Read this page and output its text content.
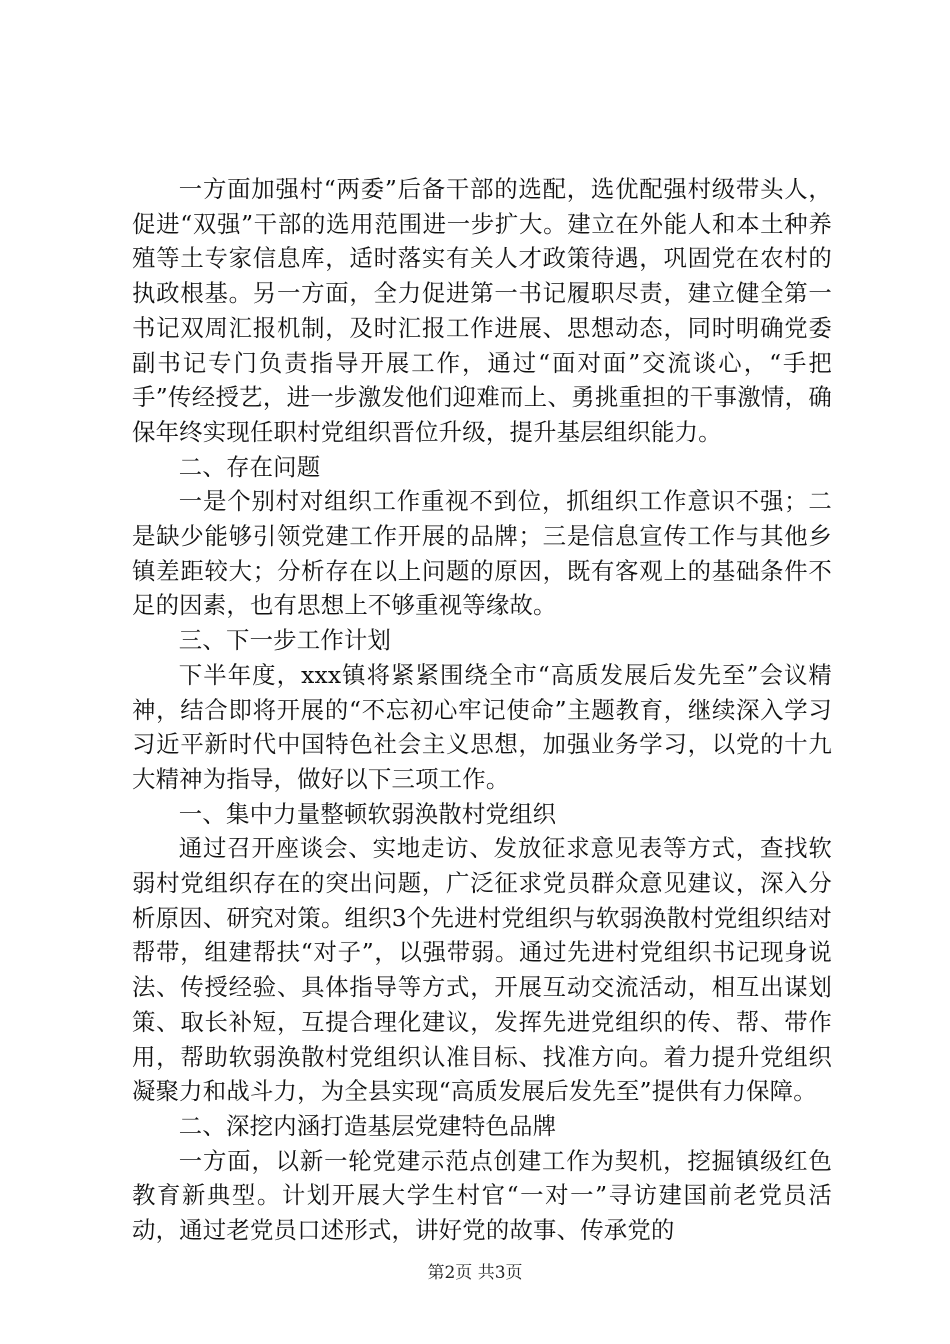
一方面加强村“两委”后备干部的选配，选优配强村级带头人，促进“双强”干部的选用范围进一步扩大。建立在外能人和本土种养殖等土专家信息库，适时落实有关人才政策待遇，巩固党在农村的执政根基。另一方面，全力促进第一书记履职尽责，建立健全第一书记双周汇报机制，及时汇报工作进展、思想动态，同时明确党委副书记专门负责指导开展工作，通过“面对面”交流谈心，“手把手”传经授艺，进一步激发他们迎难而上、勇挑重担的干事激情，确保年终实现任职村党组织晋位升级，提升基层组织能力。

二、存在问题

一是个别村对组织工作重视不到位，抓组织工作意识不强；二是缺少能够引领党建工作开展的品牌；三是信息宣传工作与其他乡镇差距较大；分析存在以上问题的原因，既有客观上的基础条件不足的因素，也有思想上不够重视等缘故。

三、下一步工作计划

下半年度，xxx镇将紧紧围绕全市“高质发展后发先至”会议精神，结合即将开展的“不忘初心牢记使命”主题教育，继续深入学习习近平新时代中国特色社会主义思想，加强业务学习，以党的十九大精神为指导，做好以下三项工作。

一、集中力量整顿软弱涣散村党组织

通过召开座谈会、实地走访、发放征求意见表等方式，查找软弱村党组织存在的突出问题，广泛征求党员群众意见建议，深入分析原因、研究对策。组织3个先进村党组织与软弱涣散村党组织结对帮带，组建帮扶“对子”，以强带弱。通过先进村党组织书记现身说法、传授经验、具体指导等方式，开展互动交流活动，相互出谋划策、取长补短，互提合理化建议，发挥先进党组织的传、帮、带作用，帮助软弱涣散村党组织认准目标、找准方向。着力提升党组织凝聚力和战斗力，为全县实现“高质发展后发先至”提供有力保障。

二、深挖内涵打造基层党建特色品牌

一方面，以新一轮党建示范点创建工作为契机，挖掘镇级红色教育新典型。计划开展大学生村官“一对一”寻访建国前老党员活动，通过老党员口述形式，讲好党的故事、传承党的

第2页 共3页
